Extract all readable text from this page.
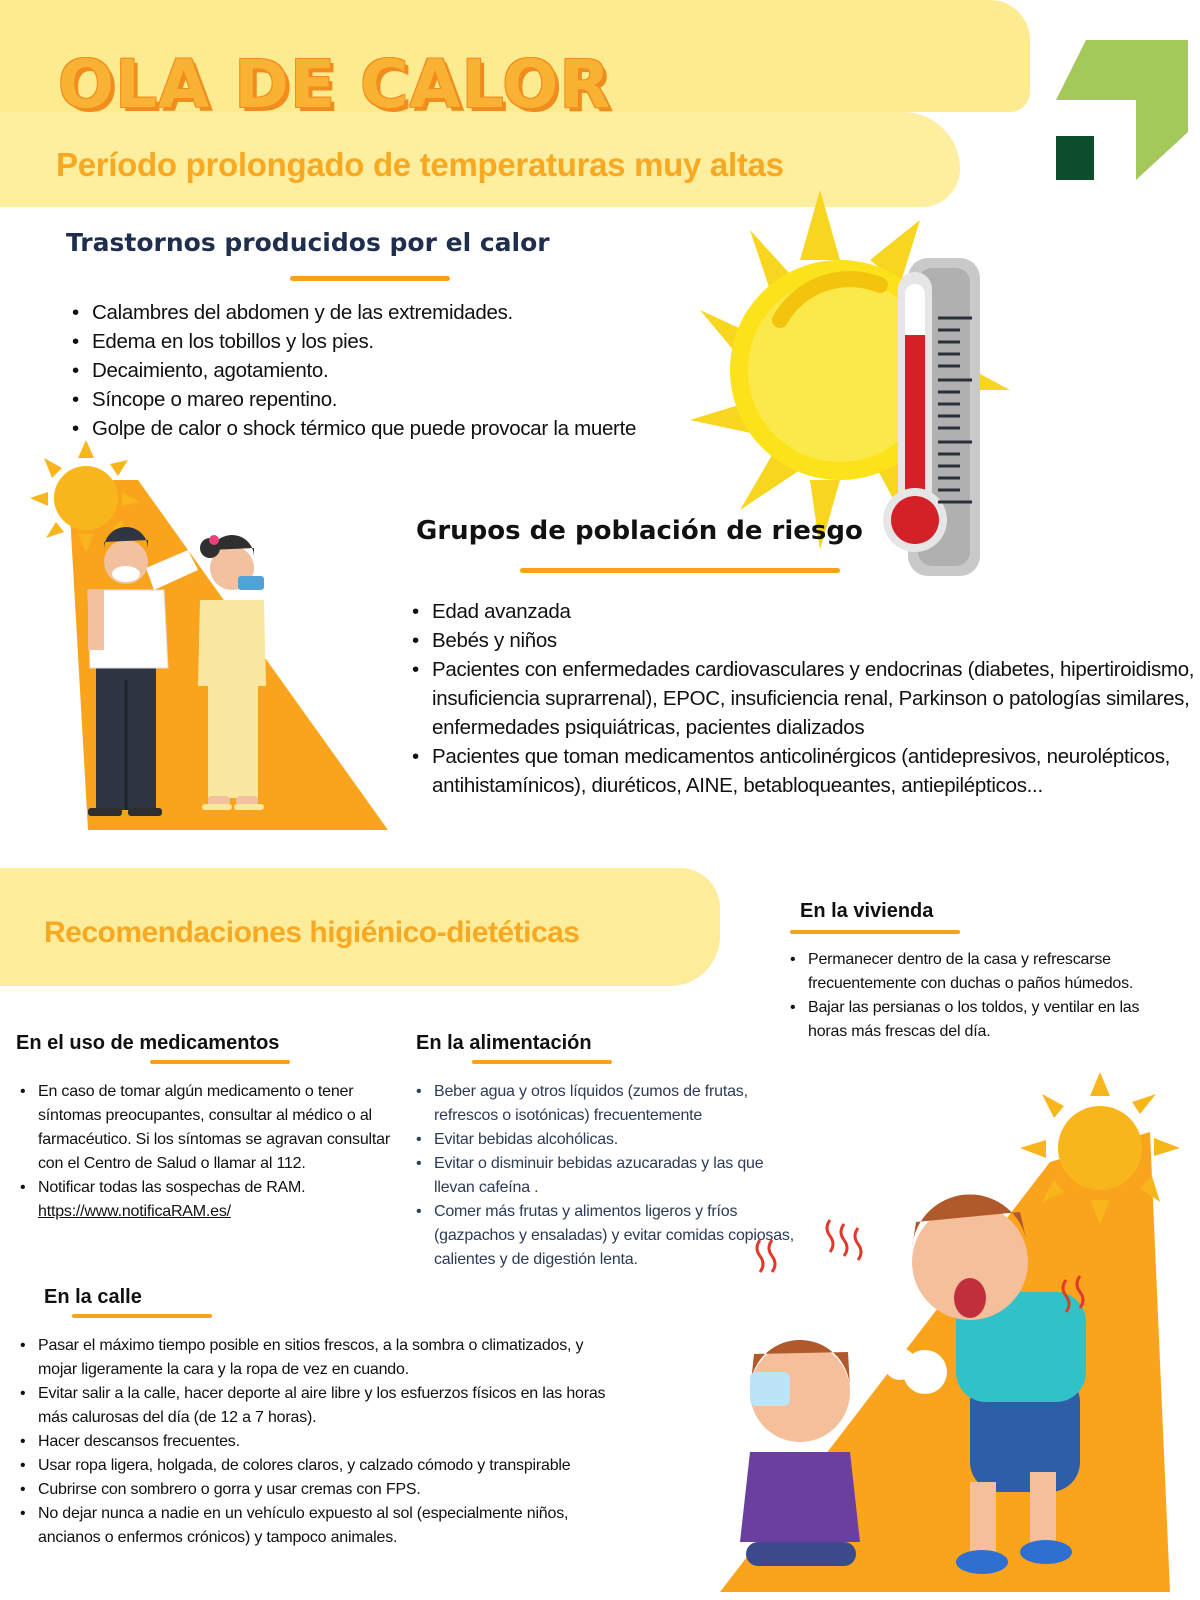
OLA DE CALOR

Período prolongado de temperaturas muy altas

Trastornos producidos por el calor
• Calambres del abdomen y de las extremidades.
• Edema en los tobillos y los pies.
• Decaimiento, agotamiento.
• Síncope o mareo repentino.
• Golpe de calor o shock térmico que puede provocar la muerte
Grupos de población de riesgo
• Edad avanzada
• Bebés y niños
• Pacientes con enfermedades cardiovasculares y endocrinas (diabetes, hipertiroidismo, insuficiencia suprarrenal), EPOC, insuficiencia renal, Parkinson o patologías similares, enfermedades psiquiátricas, pacientes dializados
• Pacientes que toman medicamentos anticolinérgicos (antidepresivos, neurolépticos, antihistamínicos), diuréticos, AINE, betabloqueantes, antiepilépticos...
Recomendaciones higiénico-dietéticas
En la vivienda
• Permanecer dentro de la casa y refrescarse frecuentemente con duchas o paños húmedos.
• Bajar las persianas o los toldos, y ventilar en las horas más frescas del día.
En el uso de medicamentos
• En caso de tomar algún medicamento o tener síntomas preocupantes, consultar al médico o al farmacéutico. Si los síntomas se agravan consultar con el Centro de Salud o llamar al 112.
• Notificar todas las sospechas de RAM.
https://www.notificaRAM.es/
En la alimentación
• Beber agua y otros líquidos (zumos de frutas, refrescos o isotónicas) frecuentemente
• Evitar bebidas alcohólicas.
• Evitar o disminuir bebidas azucaradas y las que llevan cafeína .
• Comer más frutas y alimentos ligeros y fríos (gazpachos y ensaladas) y evitar comidas copiosas, calientes y de digestión lenta.
En la calle
• Pasar el máximo tiempo posible en sitios frescos, a la sombra o climatizados, y mojar ligeramente la cara y la ropa de vez en cuando.
• Evitar salir a la calle, hacer deporte al aire libre y los esfuerzos físicos en las horas más calurosas del día (de 12 a 7 horas).
• Hacer descansos frecuentes.
• Usar ropa ligera, holgada, de colores claros, y calzado cómodo y transpirable
• Cubrirse con sombrero o gorra y usar cremas con FPS.
• No dejar nunca a nadie en un vehículo expuesto al sol (especialmente niños, ancianos o enfermos crónicos) y tampoco animales.
